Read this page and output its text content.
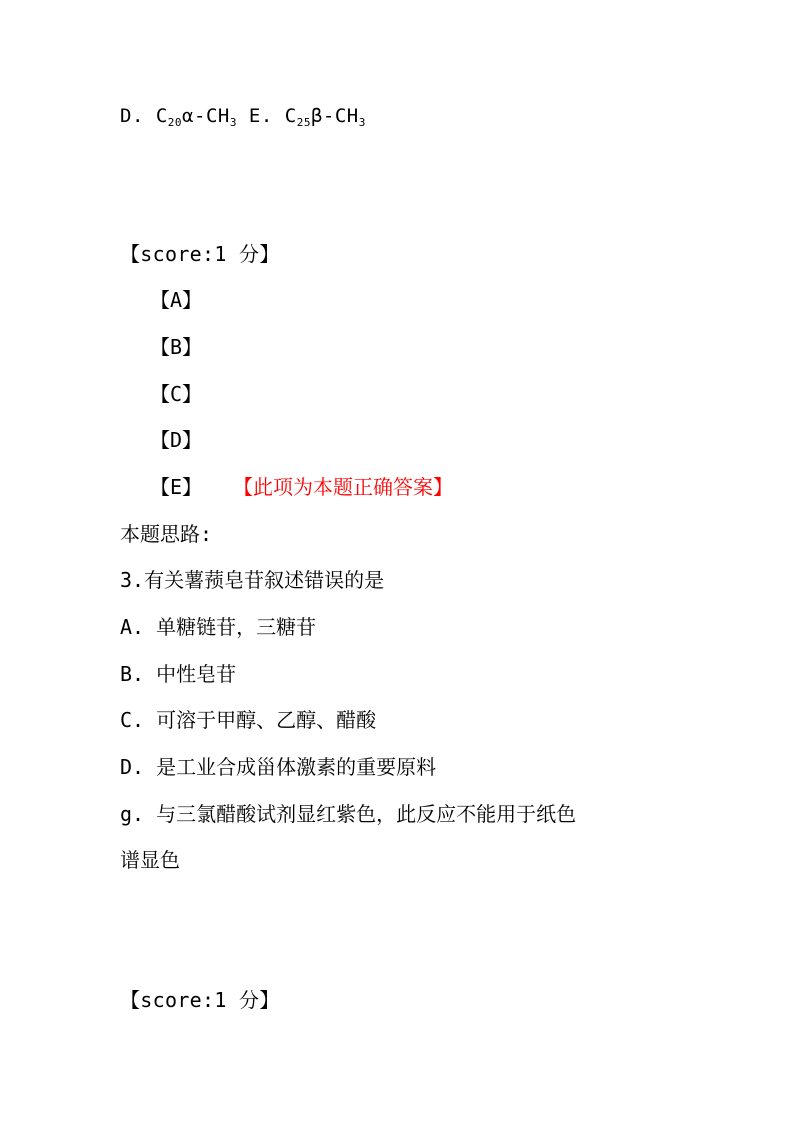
D. $C_{20}\alpha-CH_3$ E. $C_{25}\beta-CH_3$
【score:1 分】
【A】
【B】
【C】
【D】
【E】 【此项为本题正确答案】
本题思路:
3.有关薯蓣皂苷叙述错误的是
A. 单糖链苷，三糖苷
B. 中性皂苷
C. 可溶于甲醇、乙醇、醋酸
D. 是工业合成甾体激素的重要原料
g. 与三氯醋酸试剂显红紫色，此反应不能用于纸色
谱显色
【score:1 分】
